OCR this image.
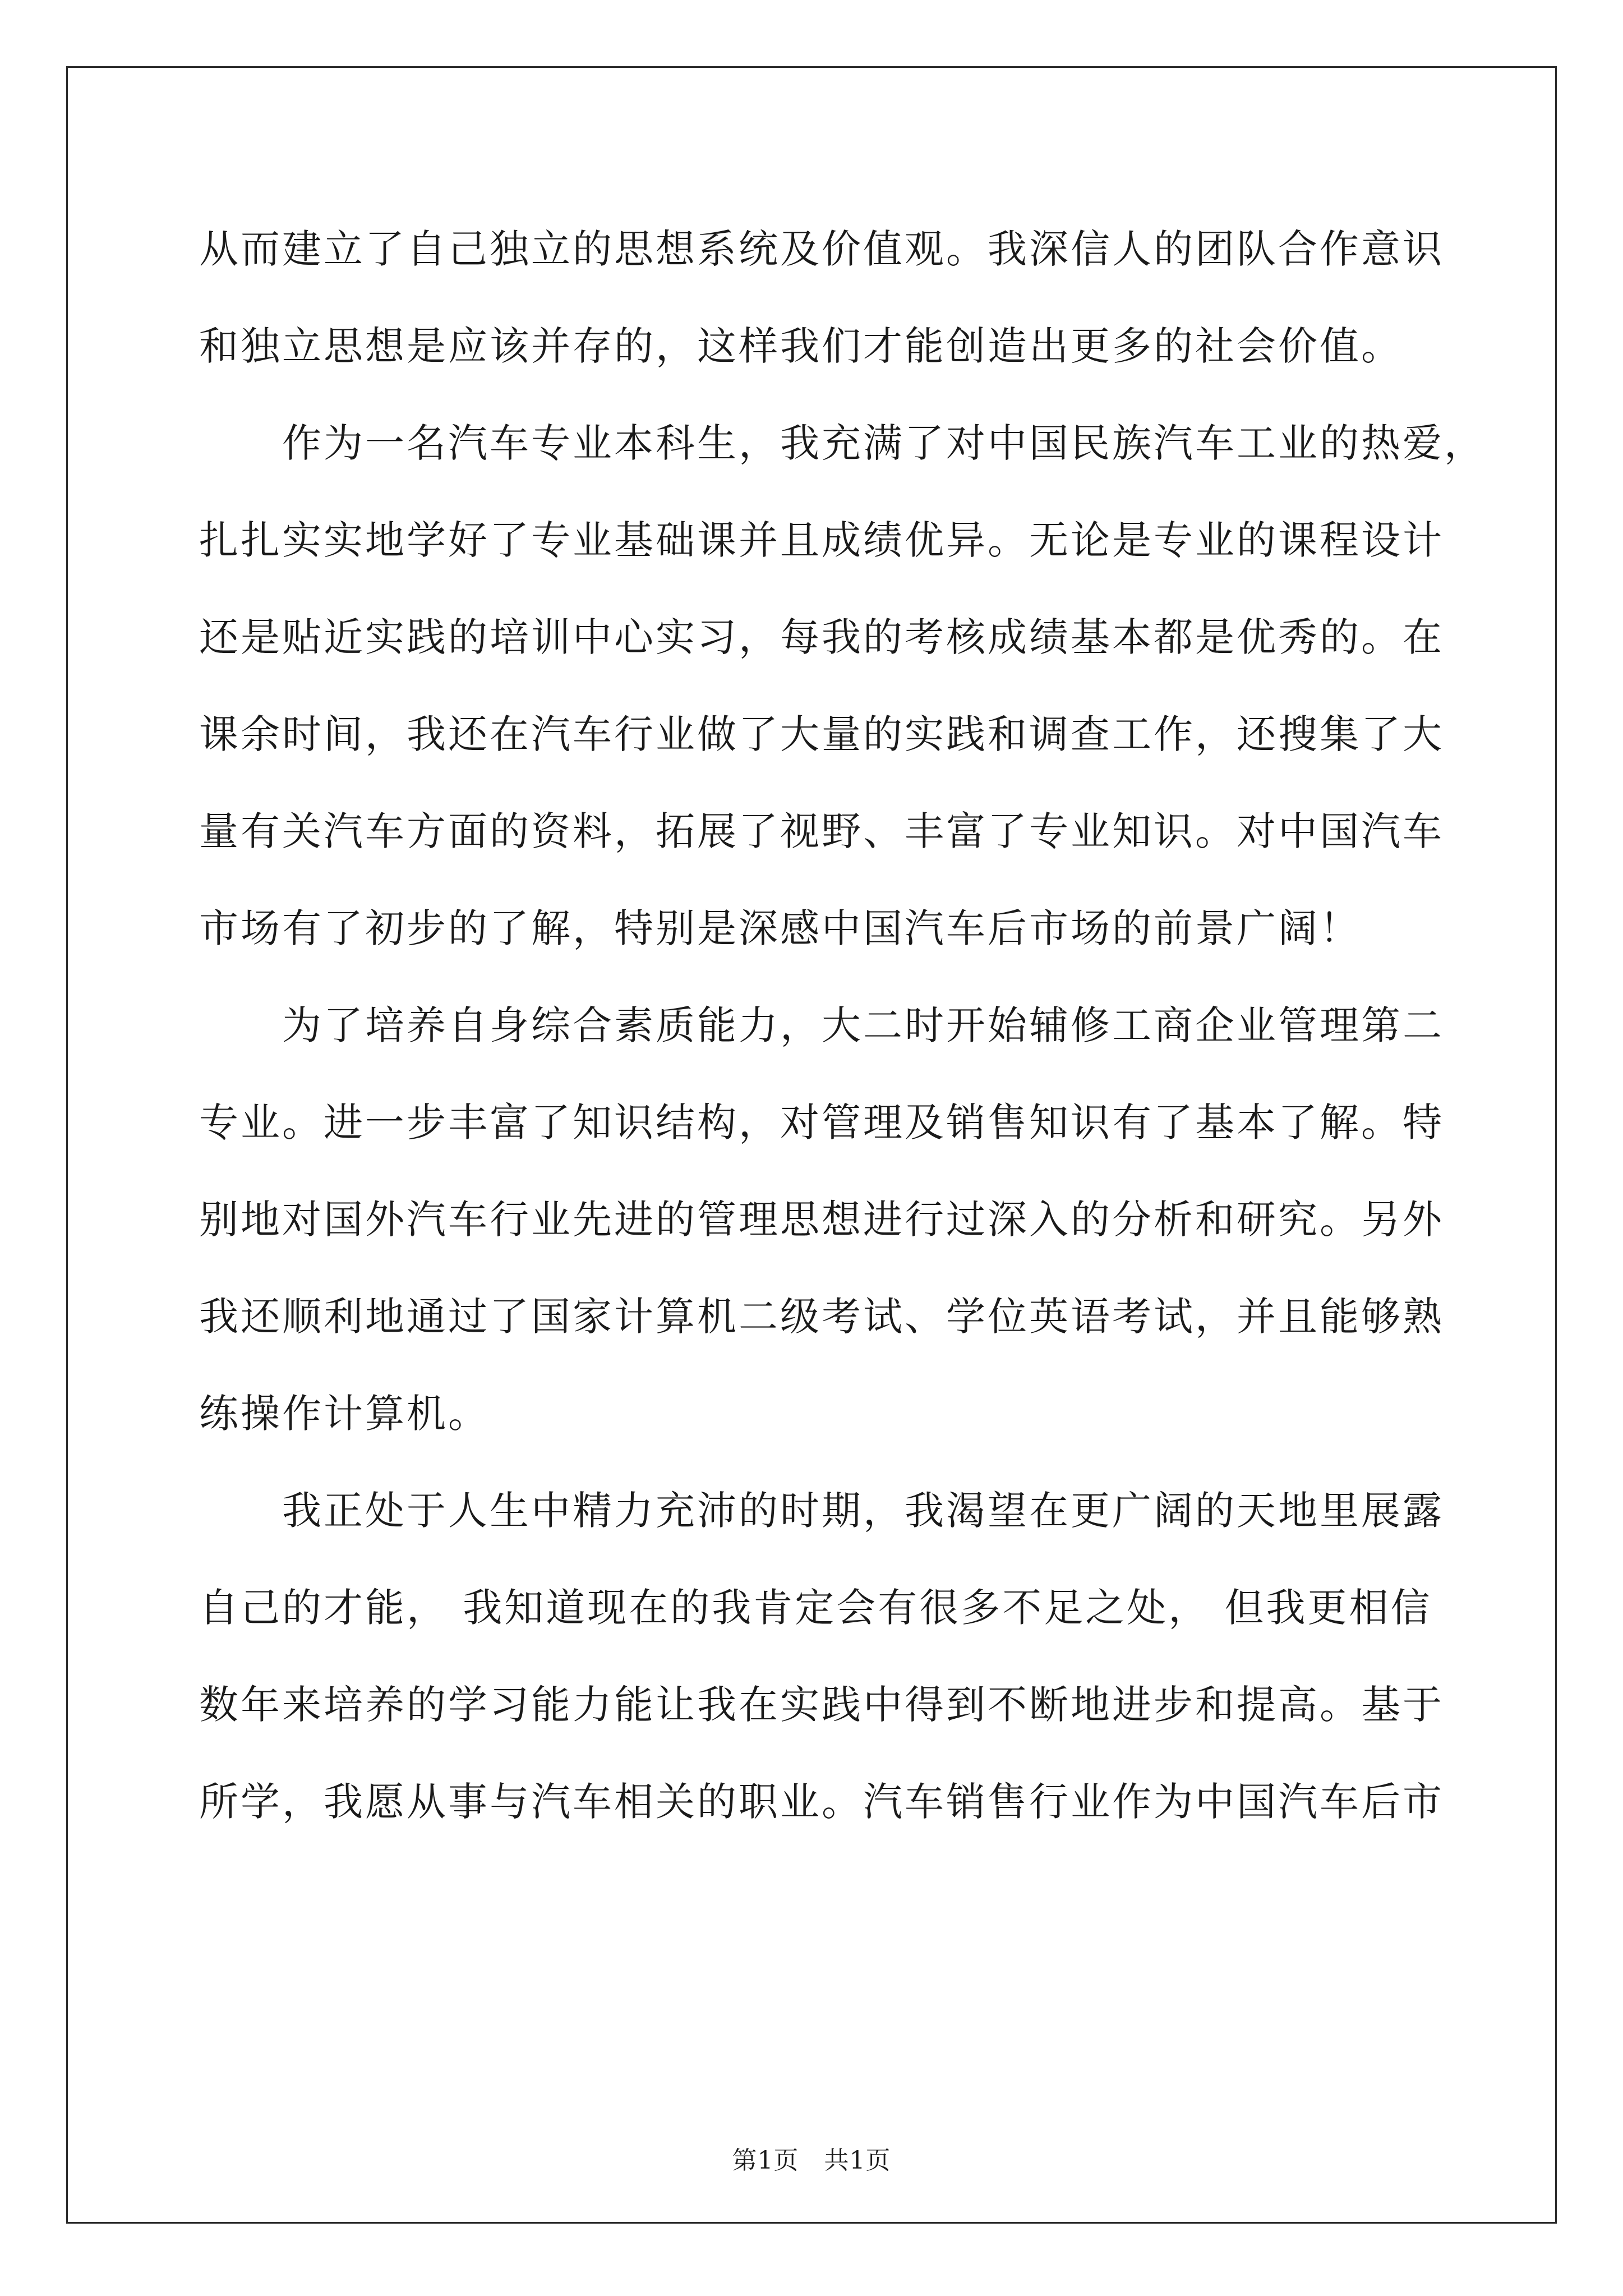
从而建立了自己独立的思想系统及价值观。我深信人的团队合作意识
和独立思想是应该并存的，这样我们才能创造出更多的社会价值。
作为一名汽车专业本科生，我充满了对中国民族汽车工业的热爱，
扎扎实实地学好了专业基础课并且成绩优异。无论是专业的课程设计
还是贴近实践的培训中心实习，每我的考核成绩基本都是优秀的。在
课余时间，我还在汽车行业做了大量的实践和调查工作，还搜集了大
量有关汽车方面的资料，拓展了视野、丰富了专业知识。对中国汽车
市场有了初步的了解，特别是深感中国汽车后市场的前景广阔！
为了培养自身综合素质能力，大二时开始辅修工商企业管理第二
专业。进一步丰富了知识结构，对管理及销售知识有了基本了解。特
别地对国外汽车行业先进的管理思想进行过深入的分析和研究。另外
我还顺利地通过了国家计算机二级考试、学位英语考试，并且能够熟
练操作计算机。
我正处于人生中精力充沛的时期，我渴望在更广阔的天地里展露
自己的才能， 我知道现在的我肯定会有很多不足之处， 但我更相信
数年来培养的学习能力能让我在实践中得到不断地进步和提高。基于
所学，我愿从事与汽车相关的职业。汽车销售行业作为中国汽车后市
第1页　共1页
